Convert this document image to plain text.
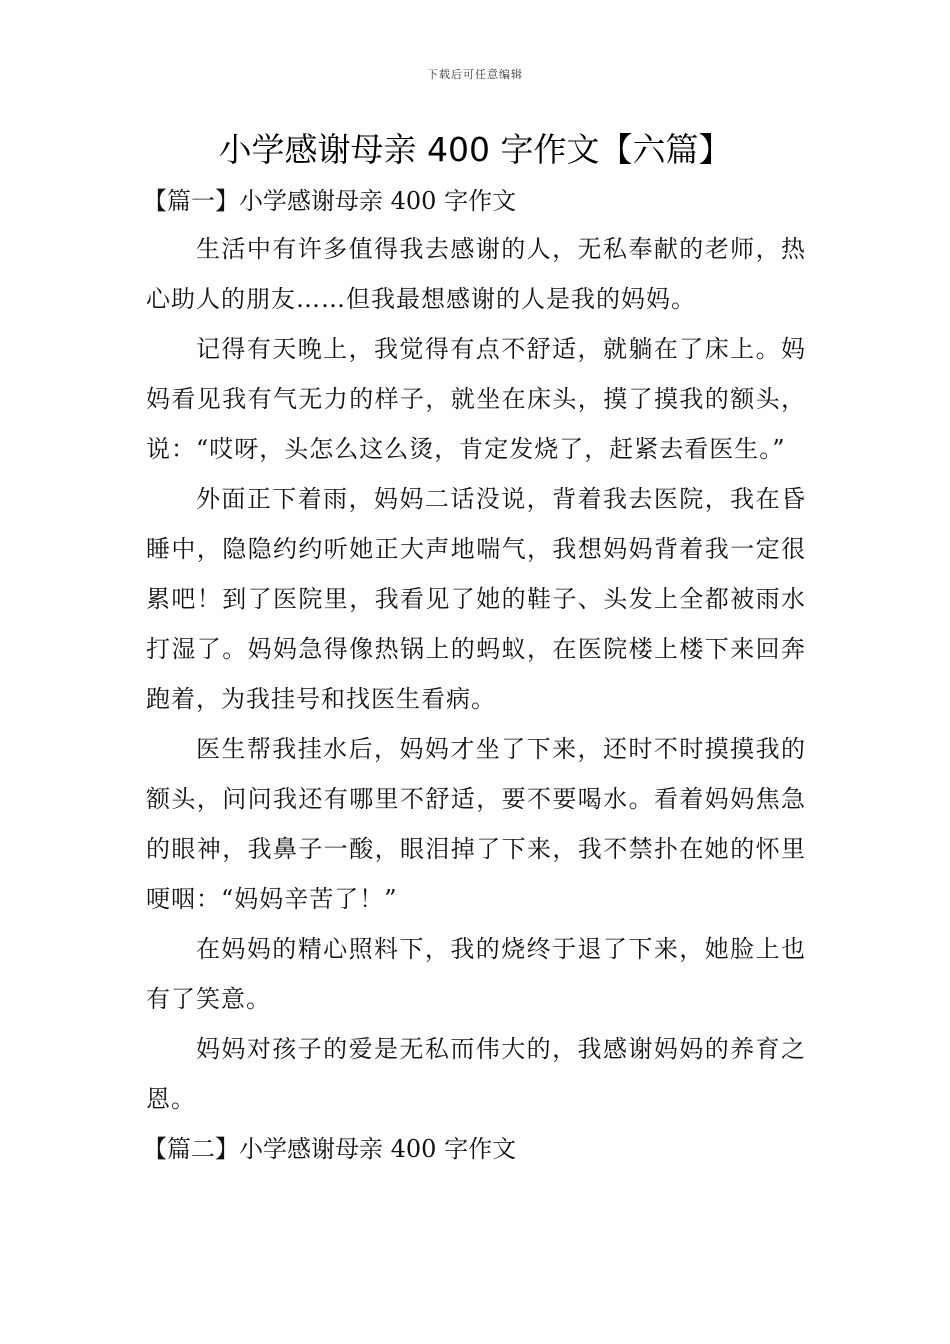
下载后可任意编辑
小学感谢母亲 400 字作文【六篇】
【篇一】小学感谢母亲 400 字作文

生活中有许多值得我去感谢的人，无私奉献的老师，热心助人的朋友……但我最想感谢的人是我的妈妈。

记得有天晚上，我觉得有点不舒适，就躺在了床上。妈妈看见我有气无力的样子，就坐在床头，摸了摸我的额头，说：“哎呀，头怎么这么烫，肯定发烧了，赶紧去看医生。”

外面正下着雨，妈妈二话没说，背着我去医院，我在昏睡中，隐隐约约听她正大声地喘气，我想妈妈背着我一定很累吧！到了医院里，我看见了她的鞋子、头发上全都被雨水打湿了。妈妈急得像热锅上的蚂蚁，在医院楼上楼下来回奔跑着，为我挂号和找医生看病。

医生帮我挂水后，妈妈才坐了下来，还时不时摸摸我的额头，问问我还有哪里不舒适，要不要喝水。看着妈妈焦急的眼神，我鼻子一酸，眼泪掉了下来，我不禁扑在她的怀里哽咽：“妈妈辛苦了！”

在妈妈的精心照料下，我的烧终于退了下来，她脸上也有了笑意。

妈妈对孩子的爱是无私而伟大的，我感谢妈妈的养育之恩。

【篇二】小学感谢母亲 400 字作文
